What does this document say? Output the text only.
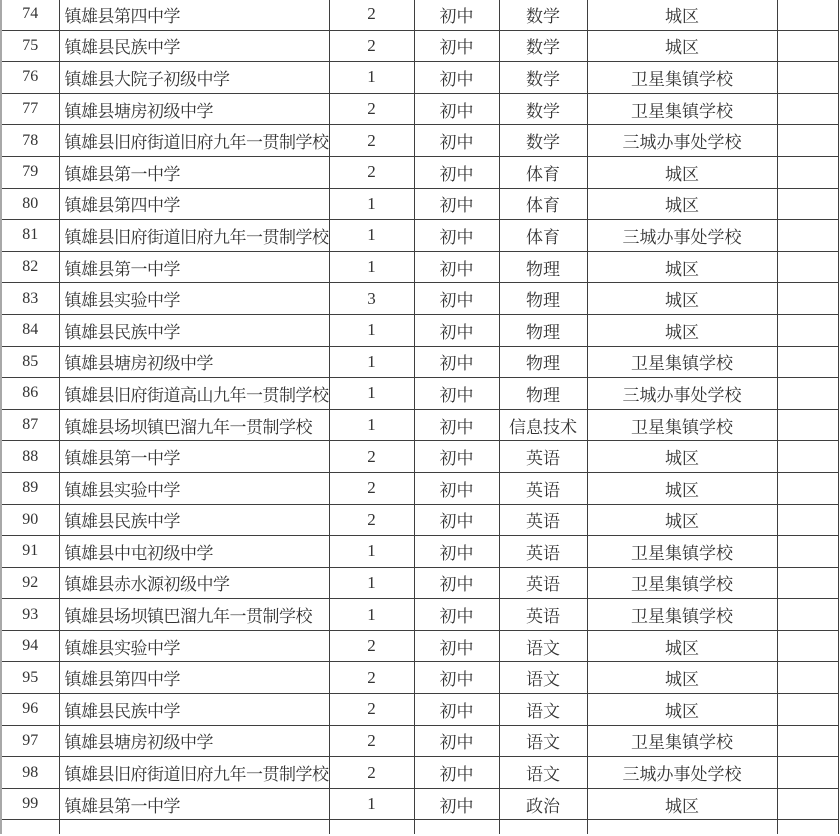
74	镇雄县第四中学	2	初中	数学	城区	
75	镇雄县民族中学	2	初中	数学	城区	
76	镇雄县大院子初级中学	1	初中	数学	卫星集镇学校	
77	镇雄县塘房初级中学	2	初中	数学	卫星集镇学校	
78	镇雄县旧府街道旧府九年一贯制学校	2	初中	数学	三城办事处学校	
79	镇雄县第一中学	2	初中	体育	城区	
80	镇雄县第四中学	1	初中	体育	城区	
81	镇雄县旧府街道旧府九年一贯制学校	1	初中	体育	三城办事处学校	
82	镇雄县第一中学	1	初中	物理	城区	
83	镇雄县实验中学	3	初中	物理	城区	
84	镇雄县民族中学	1	初中	物理	城区	
85	镇雄县塘房初级中学	1	初中	物理	卫星集镇学校	
86	镇雄县旧府街道高山九年一贯制学校	1	初中	物理	三城办事处学校	
87	镇雄县场坝镇巴溜九年一贯制学校	1	初中	信息技术	卫星集镇学校	
88	镇雄县第一中学	2	初中	英语	城区	
89	镇雄县实验中学	2	初中	英语	城区	
90	镇雄县民族中学	2	初中	英语	城区	
91	镇雄县中屯初级中学	1	初中	英语	卫星集镇学校	
92	镇雄县赤水源初级中学	1	初中	英语	卫星集镇学校	
93	镇雄县场坝镇巴溜九年一贯制学校	1	初中	英语	卫星集镇学校	
94	镇雄县实验中学	2	初中	语文	城区	
95	镇雄县第四中学	2	初中	语文	城区	
96	镇雄县民族中学	2	初中	语文	城区	
97	镇雄县塘房初级中学	2	初中	语文	卫星集镇学校	
98	镇雄县旧府街道旧府九年一贯制学校	2	初中	语文	三城办事处学校	
99	镇雄县第一中学	1	初中	政治	城区	
